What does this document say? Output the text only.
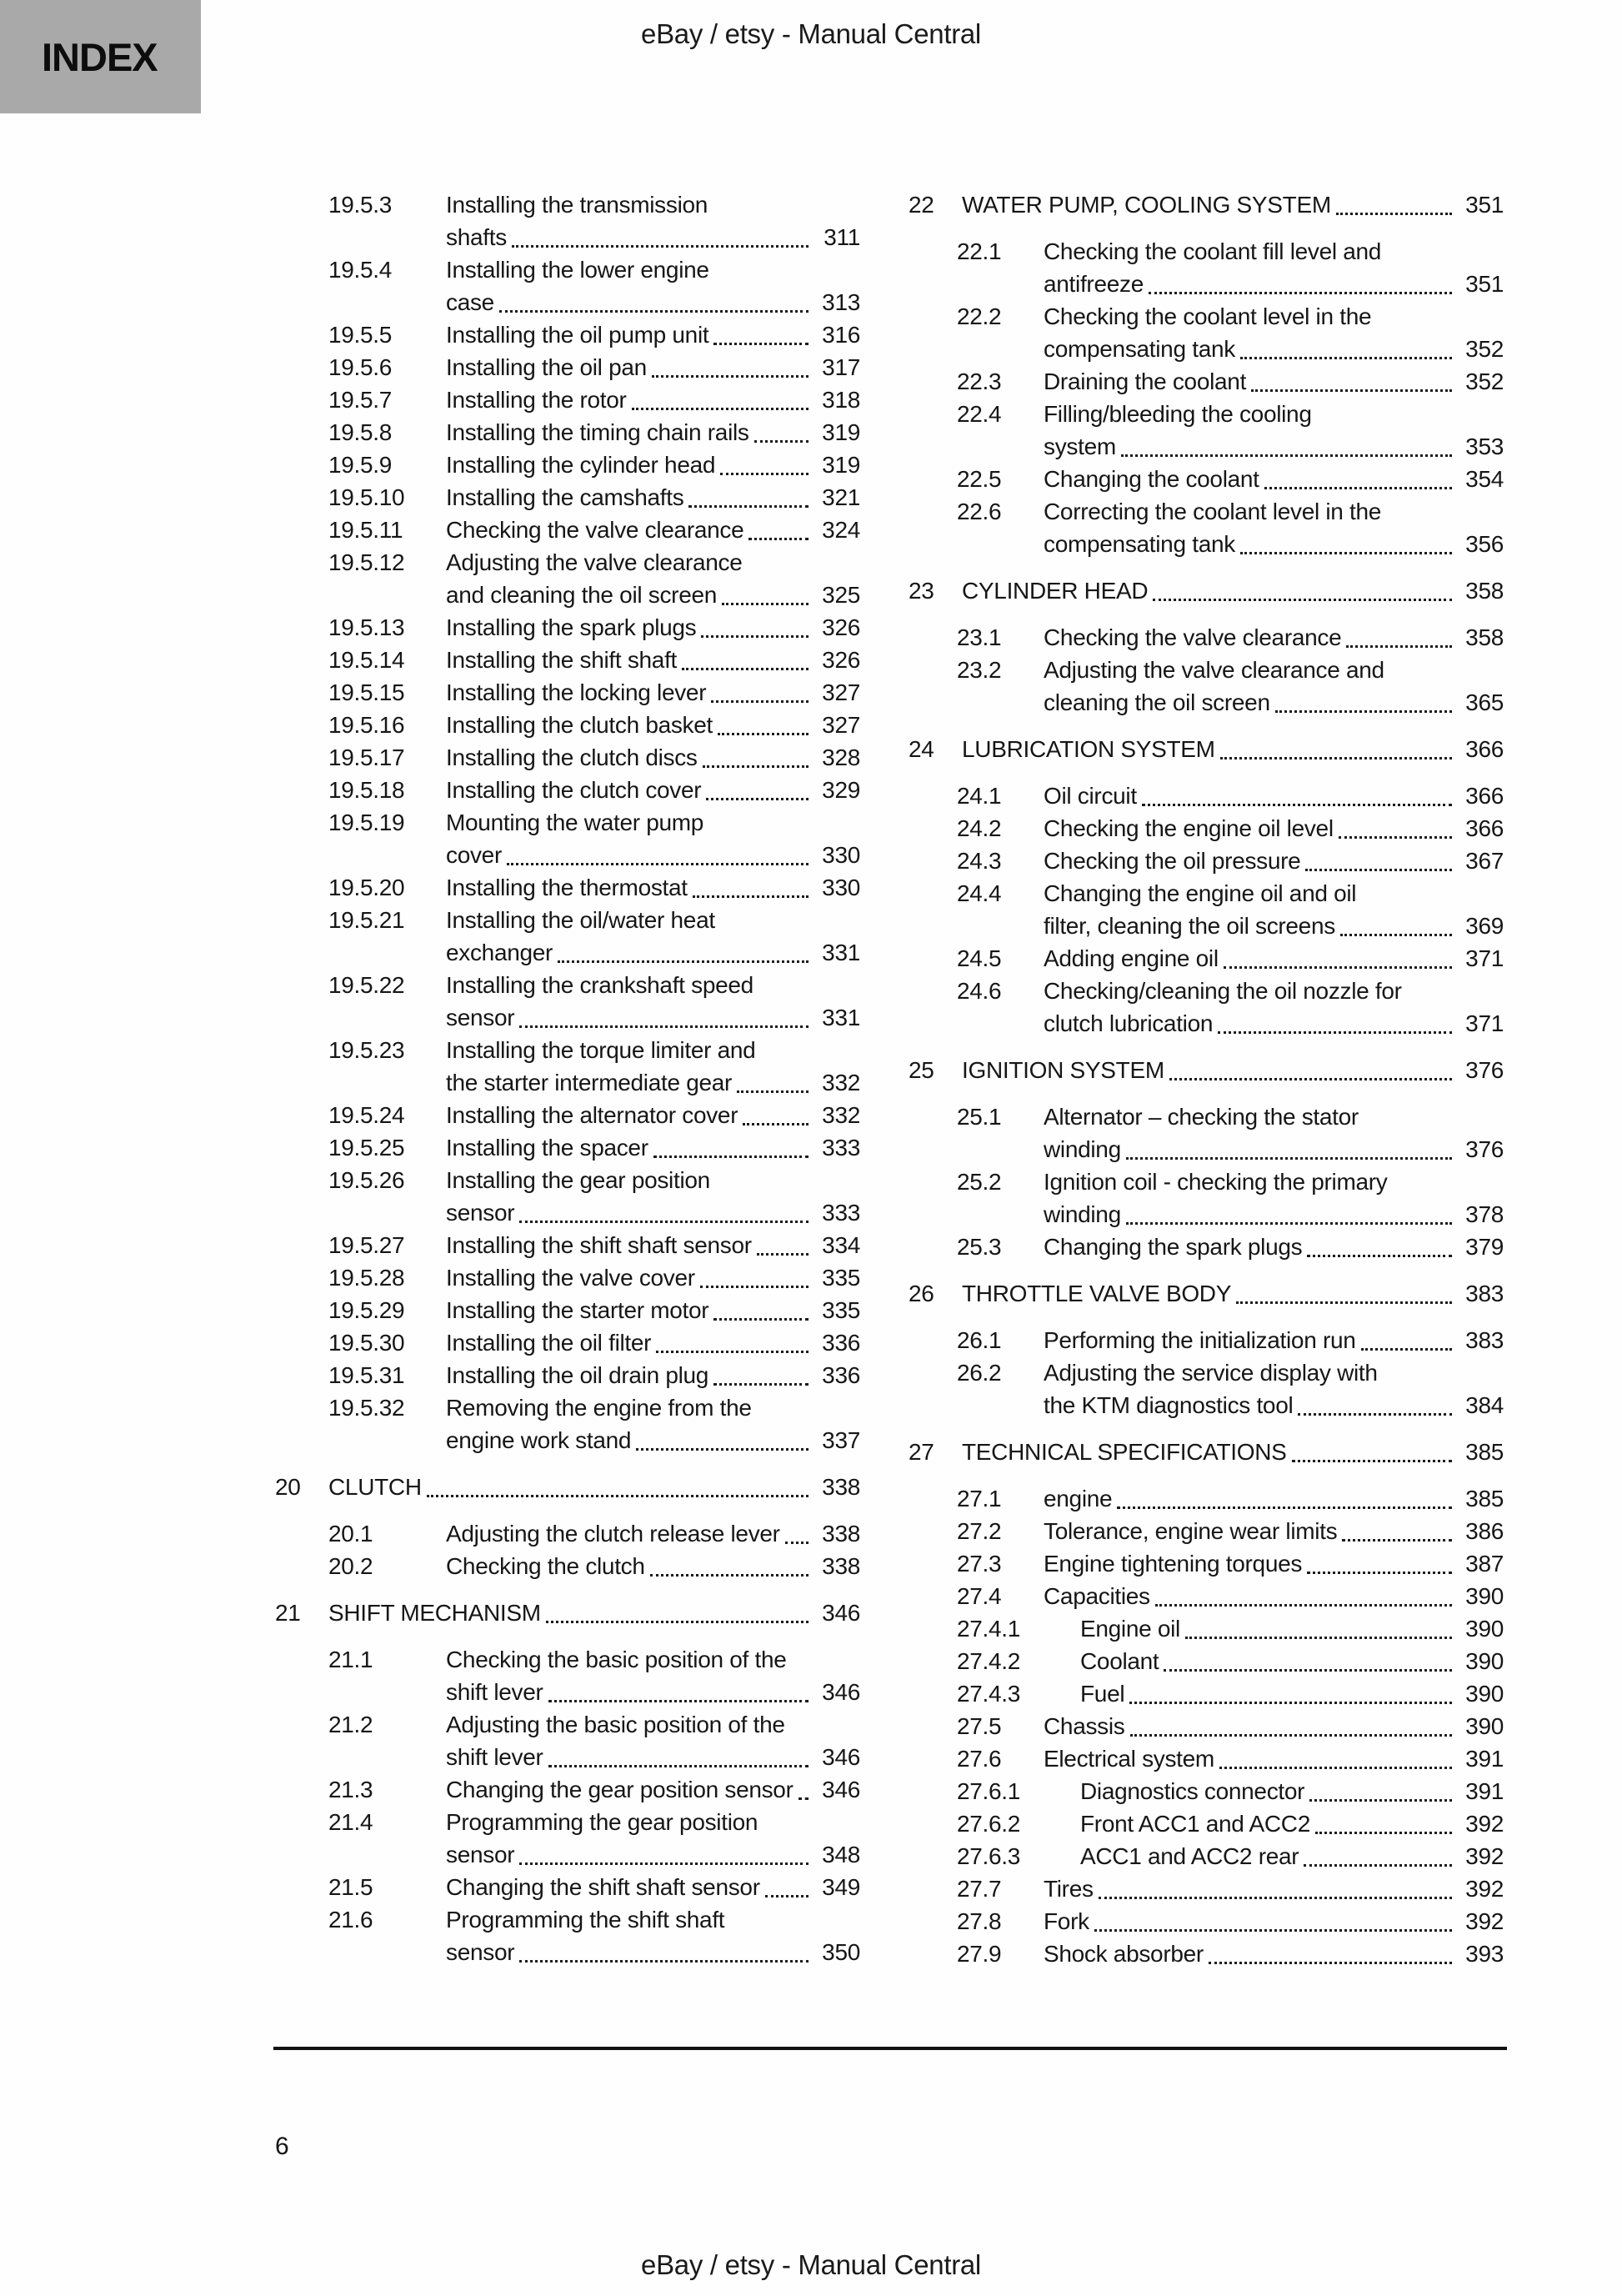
INDEX
eBay / etsy - Manual Central
19.5.3	Installing the transmission
shafts	311
19.5.4	Installing the lower engine
case	313
19.5.5	Installing the oil pump unit	316
19.5.6	Installing the oil pan	317
19.5.7	Installing the rotor	318
19.5.8	Installing the timing chain rails	319
19.5.9	Installing the cylinder head	319
19.5.10	Installing the camshafts	321
19.5.11	Checking the valve clearance	324
19.5.12	Adjusting the valve clearance
and cleaning the oil screen	325
19.5.13	Installing the spark plugs	326
19.5.14	Installing the shift shaft	326
19.5.15	Installing the locking lever	327
19.5.16	Installing the clutch basket	327
19.5.17	Installing the clutch discs	328
19.5.18	Installing the clutch cover	329
19.5.19	Mounting the water pump
cover	330
19.5.20	Installing the thermostat	330
19.5.21	Installing the oil/water heat
exchanger	331
19.5.22	Installing the crankshaft speed
sensor	331
19.5.23	Installing the torque limiter and
the starter intermediate gear	332
19.5.24	Installing the alternator cover	332
19.5.25	Installing the spacer	333
19.5.26	Installing the gear position
sensor	333
19.5.27	Installing the shift shaft sensor	334
19.5.28	Installing the valve cover	335
19.5.29	Installing the starter motor	335
19.5.30	Installing the oil filter	336
19.5.31	Installing the oil drain plug	336
19.5.32	Removing the engine from the
engine work stand	337
20	CLUTCH	338
20.1	Adjusting the clutch release lever 338
20.2	Checking the clutch	338
21	SHIFT MECHANISM	346
21.1	Checking the basic position of the
shift lever	346
21.2	Adjusting the basic position of the
shift lever	346
21.3	Changing the gear position sensor 346
21.4	Programming the gear position
sensor	348
21.5	Changing the shift shaft sensor	349
21.6	Programming the shift shaft
sensor	350
22	WATER PUMP, COOLING SYSTEM	351
22.1	Checking the coolant fill level and
antifreeze	351
22.2	Checking the coolant level in the
compensating tank	352
22.3	Draining the coolant	352
22.4	Filling/bleeding the cooling
system	353
22.5	Changing the coolant	354
22.6	Correcting the coolant level in the
compensating tank	356
23	CYLINDER HEAD	358
23.1	Checking the valve clearance	358
23.2	Adjusting the valve clearance and
cleaning the oil screen	365
24	LUBRICATION SYSTEM	366
24.1	Oil circuit	366
24.2	Checking the engine oil level	366
24.3	Checking the oil pressure	367
24.4	Changing the engine oil and oil
filter, cleaning the oil screens	369
24.5	Adding engine oil	371
24.6	Checking/cleaning the oil nozzle for
clutch lubrication	371
25	IGNITION SYSTEM	376
25.1	Alternator – checking the stator
winding	376
25.2	Ignition coil - checking the primary
winding	378
25.3	Changing the spark plugs	379
26	THROTTLE VALVE BODY	383
26.1	Performing the initialization run	383
26.2	Adjusting the service display with
the KTM diagnostics tool	384
27	TECHNICAL SPECIFICATIONS	385
27.1	engine	385
27.2	Tolerance, engine wear limits	386
27.3	Engine tightening torques	387
27.4	Capacities	390
27.4.1	Engine oil	390
27.4.2	Coolant	390
27.4.3	Fuel	390
27.5	Chassis	390
27.6	Electrical system	391
27.6.1	Diagnostics connector	391
27.6.2	Front ACC1 and ACC2	392
27.6.3	ACC1 and ACC2 rear	392
27.7	Tires	392
27.8	Fork	392
27.9	Shock absorber	393
6
eBay / etsy - Manual Central
